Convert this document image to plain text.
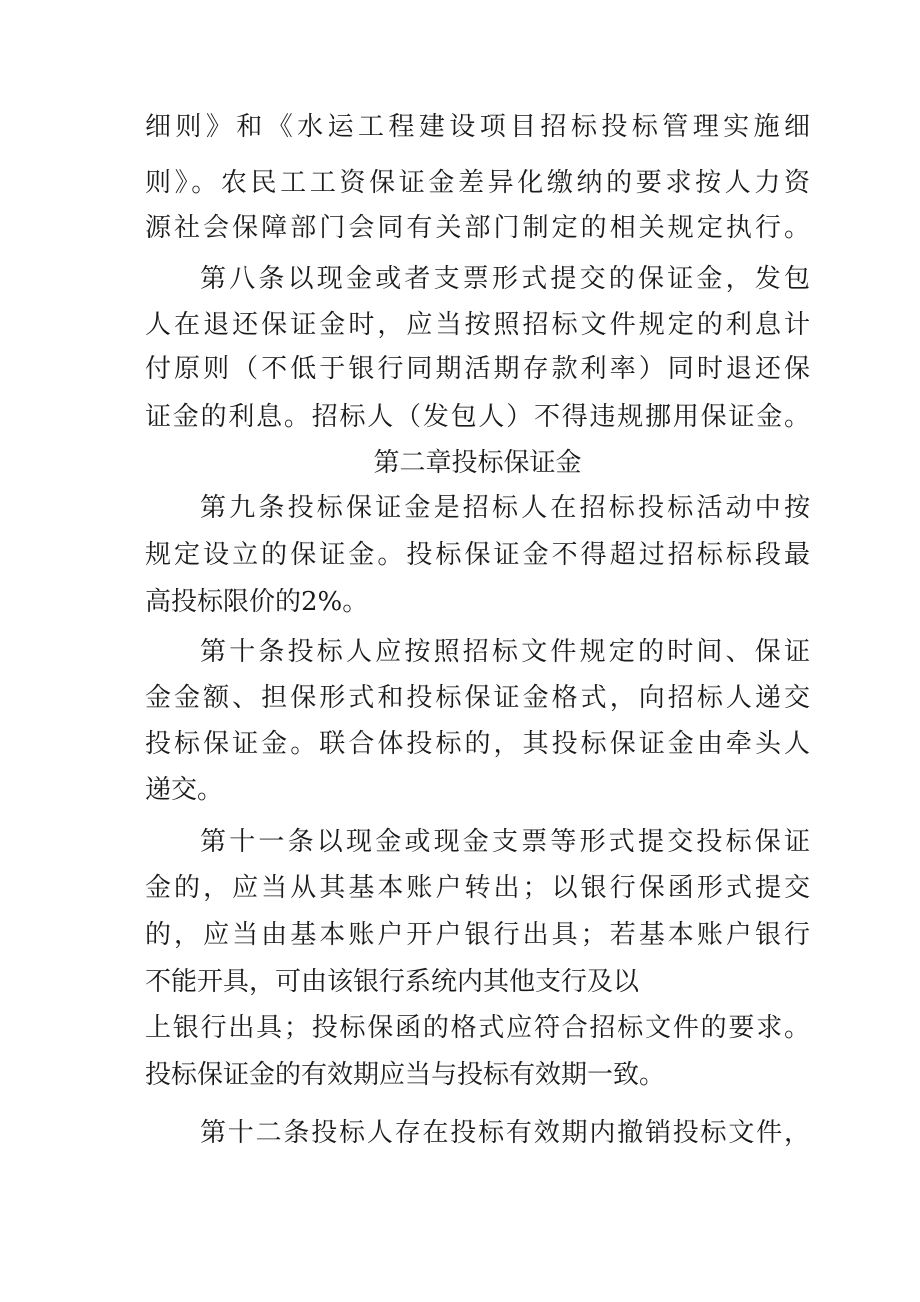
细则》和《水运工程建设项目招标投标管理实施细
则》。农民工工资保证金差异化缴纳的要求按人力资
源社会保障部门会同有关部门制定的相关规定执行。
第八条以现金或者支票形式提交的保证金，发包
人在退还保证金时，应当按照招标文件规定的利息计
付原则（不低于银行同期活期存款利率）同时退还保
证金的利息。招标人（发包人）不得违规挪用保证金。
第二章投标保证金
第九条投标保证金是招标人在招标投标活动中按
规定设立的保证金。投标保证金不得超过招标标段最
高投标限价的2%。
第十条投标人应按照招标文件规定的时间、保证
金金额、担保形式和投标保证金格式，向招标人递交
投标保证金。联合体投标的，其投标保证金由牵头人
递交。
第十一条以现金或现金支票等形式提交投标保证
金的，应当从其基本账户转出；以银行保函形式提交
的，应当由基本账户开户银行出具；若基本账户银行
不能开具，可由该银行系统内其他支行及以
上银行出具；投标保函的格式应符合招标文件的要求。
投标保证金的有效期应当与投标有效期一致。
第十二条投标人存在投标有效期内撤销投标文件，
